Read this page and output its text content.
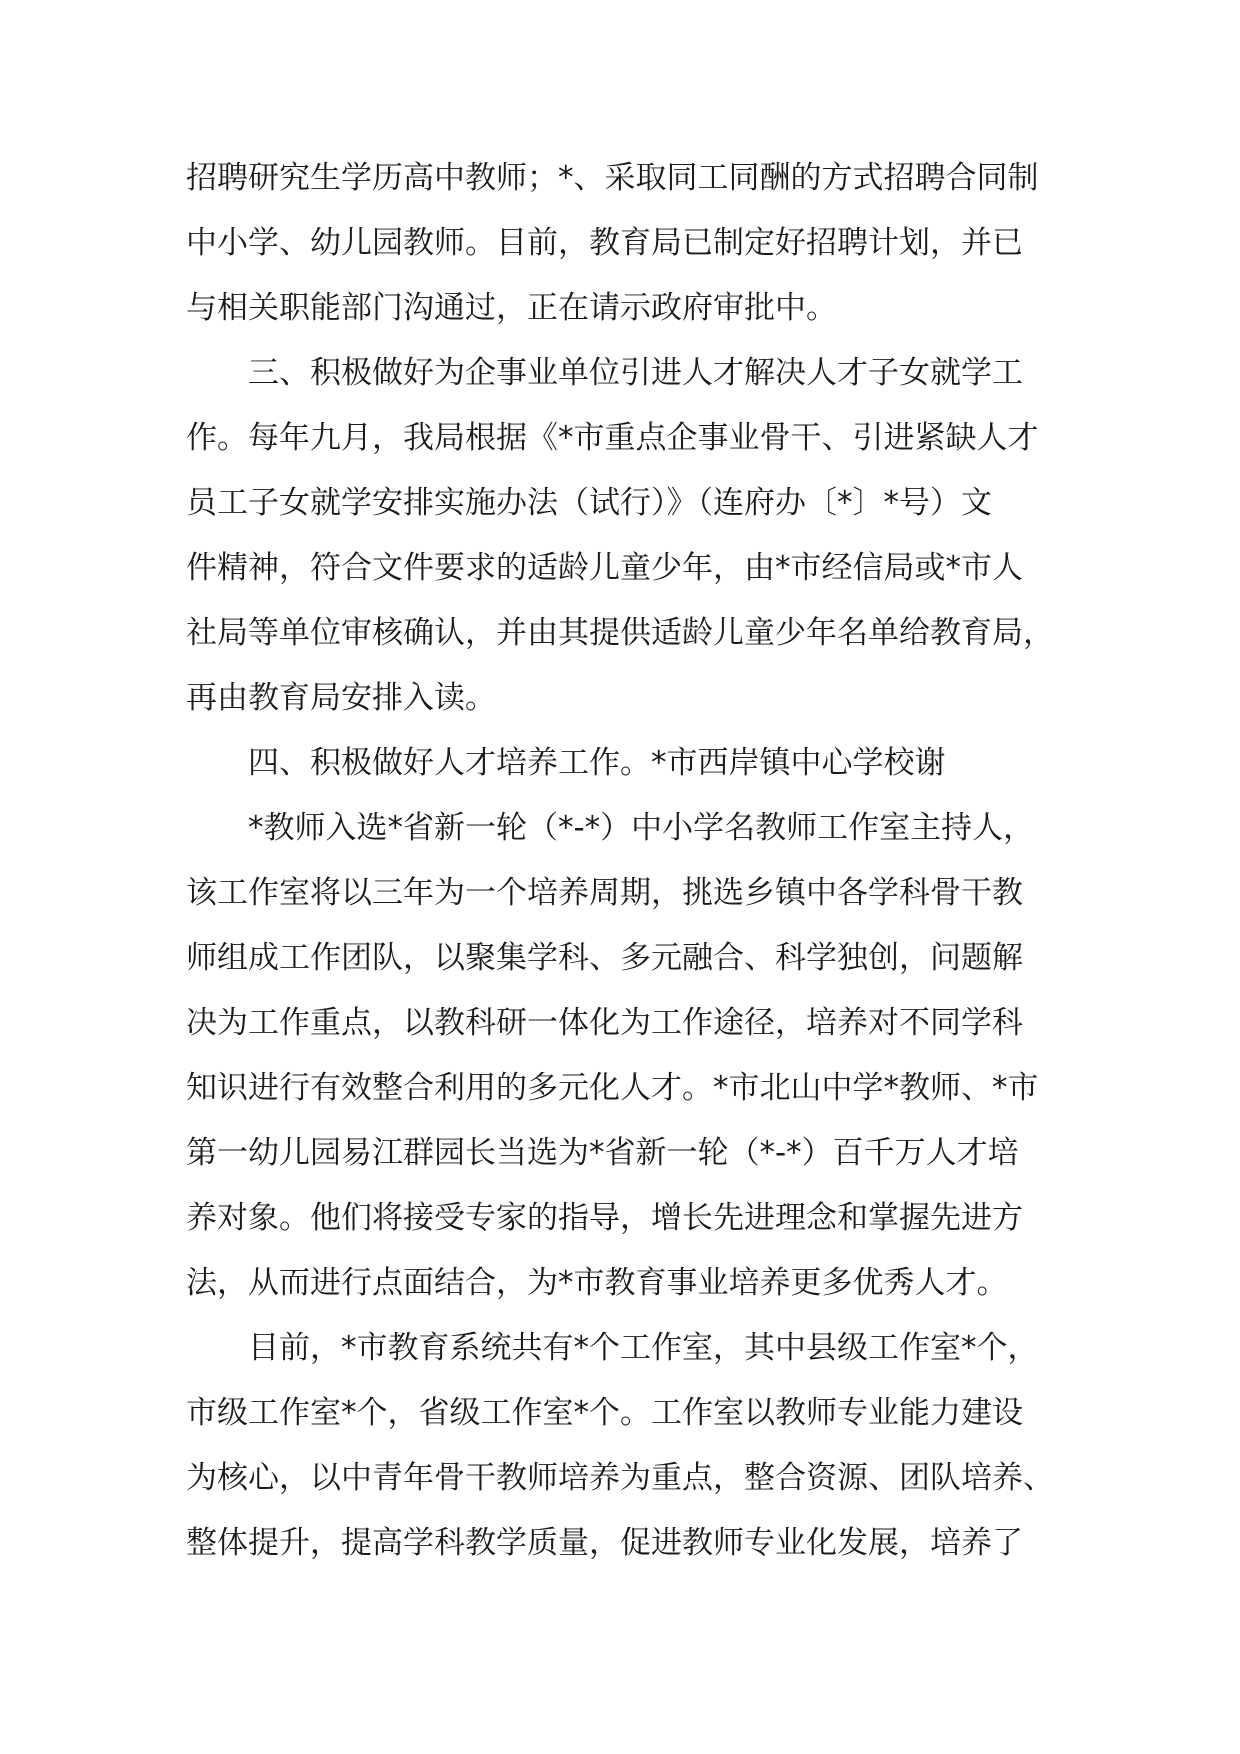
招聘研究生学历高中教师；*、采取同工同酬的方式招聘合同制
中小学、幼儿园教师。目前，教育局已制定好招聘计划，并已
与相关职能部门沟通过，正在请示政府审批中。
三、积极做好为企事业单位引进人才解决人才子女就学工
作。每年九月，我局根据《*市重点企事业骨干、引进紧缺人才
员工子女就学安排实施办法（试行）》（连府办〔*〕*号）文
件精神，符合文件要求的适龄儿童少年，由*市经信局或*市人
社局等单位审核确认，并由其提供适龄儿童少年名单给教育局，
再由教育局安排入读。
四、积极做好人才培养工作。*市西岸镇中心学校谢
*教师入选*省新一轮（*-*）中小学名教师工作室主持人，
该工作室将以三年为一个培养周期，挑选乡镇中各学科骨干教
师组成工作团队，以聚集学科、多元融合、科学独创，问题解
决为工作重点，以教科研一体化为工作途径，培养对不同学科
知识进行有效整合利用的多元化人才。*市北山中学*教师、*市
第一幼儿园易江群园长当选为*省新一轮（*-*）百千万人才培
养对象。他们将接受专家的指导，增长先进理念和掌握先进方
法，从而进行点面结合，为*市教育事业培养更多优秀人才。
目前，*市教育系统共有*个工作室，其中县级工作室*个，
市级工作室*个，省级工作室*个。工作室以教师专业能力建设
为核心，以中青年骨干教师培养为重点，整合资源、团队培养、
整体提升，提高学科教学质量，促进教师专业化发展，培养了
